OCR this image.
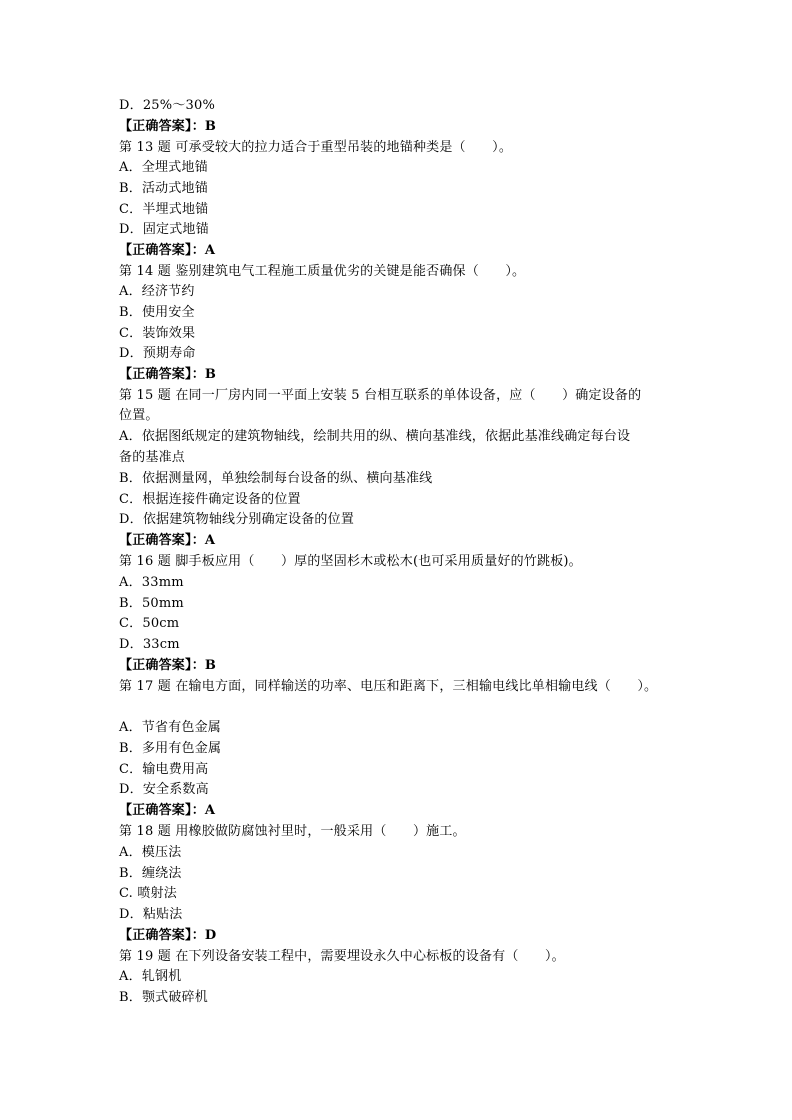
D．25%～30%
【正确答案】：B
第 13 题 可承受较大的拉力适合于重型吊装的地锚种类是（　　）。
A．全埋式地锚
B．活动式地锚
C．半埋式地锚
D．固定式地锚
【正确答案】：A
第 14 题 鉴别建筑电气工程施工质量优劣的关键是能否确保（　　）。
A．经济节约
B．使用安全
C．装饰效果
D．预期寿命
【正确答案】：B
第 15 题 在同一厂房内同一平面上安装 5 台相互联系的单体设备，应（　　）确定设备的
位置。
A．依据图纸规定的建筑物轴线，绘制共用的纵、横向基准线，依据此基准线确定每台设
备的基准点
B．依据测量网，单独绘制每台设备的纵、横向基准线
C．根据连接件确定设备的位置
D．依据建筑物轴线分别确定设备的位置
【正确答案】：A
第 16 题 脚手板应用（　　）厚的坚固杉木或松木(也可采用质量好的竹跳板)。
A．33mm
B．50mm
C．50cm
D．33cm
【正确答案】：B
第 17 题 在输电方面，同样输送的功率、电压和距离下，三相输电线比单相输电线（　　）。
A．节省有色金属
B．多用有色金属
C．输电费用高
D．安全系数高
【正确答案】：A
第 18 题 用橡胶做防腐蚀衬里时，一般采用（　　）施工。
A．模压法
B．缠绕法
C. 喷射法
D．粘贴法
【正确答案】：D
第 19 题 在下列设备安装工程中，需要埋设永久中心标板的设备有（　　）。
A．轧钢机
B．颚式破碎机
